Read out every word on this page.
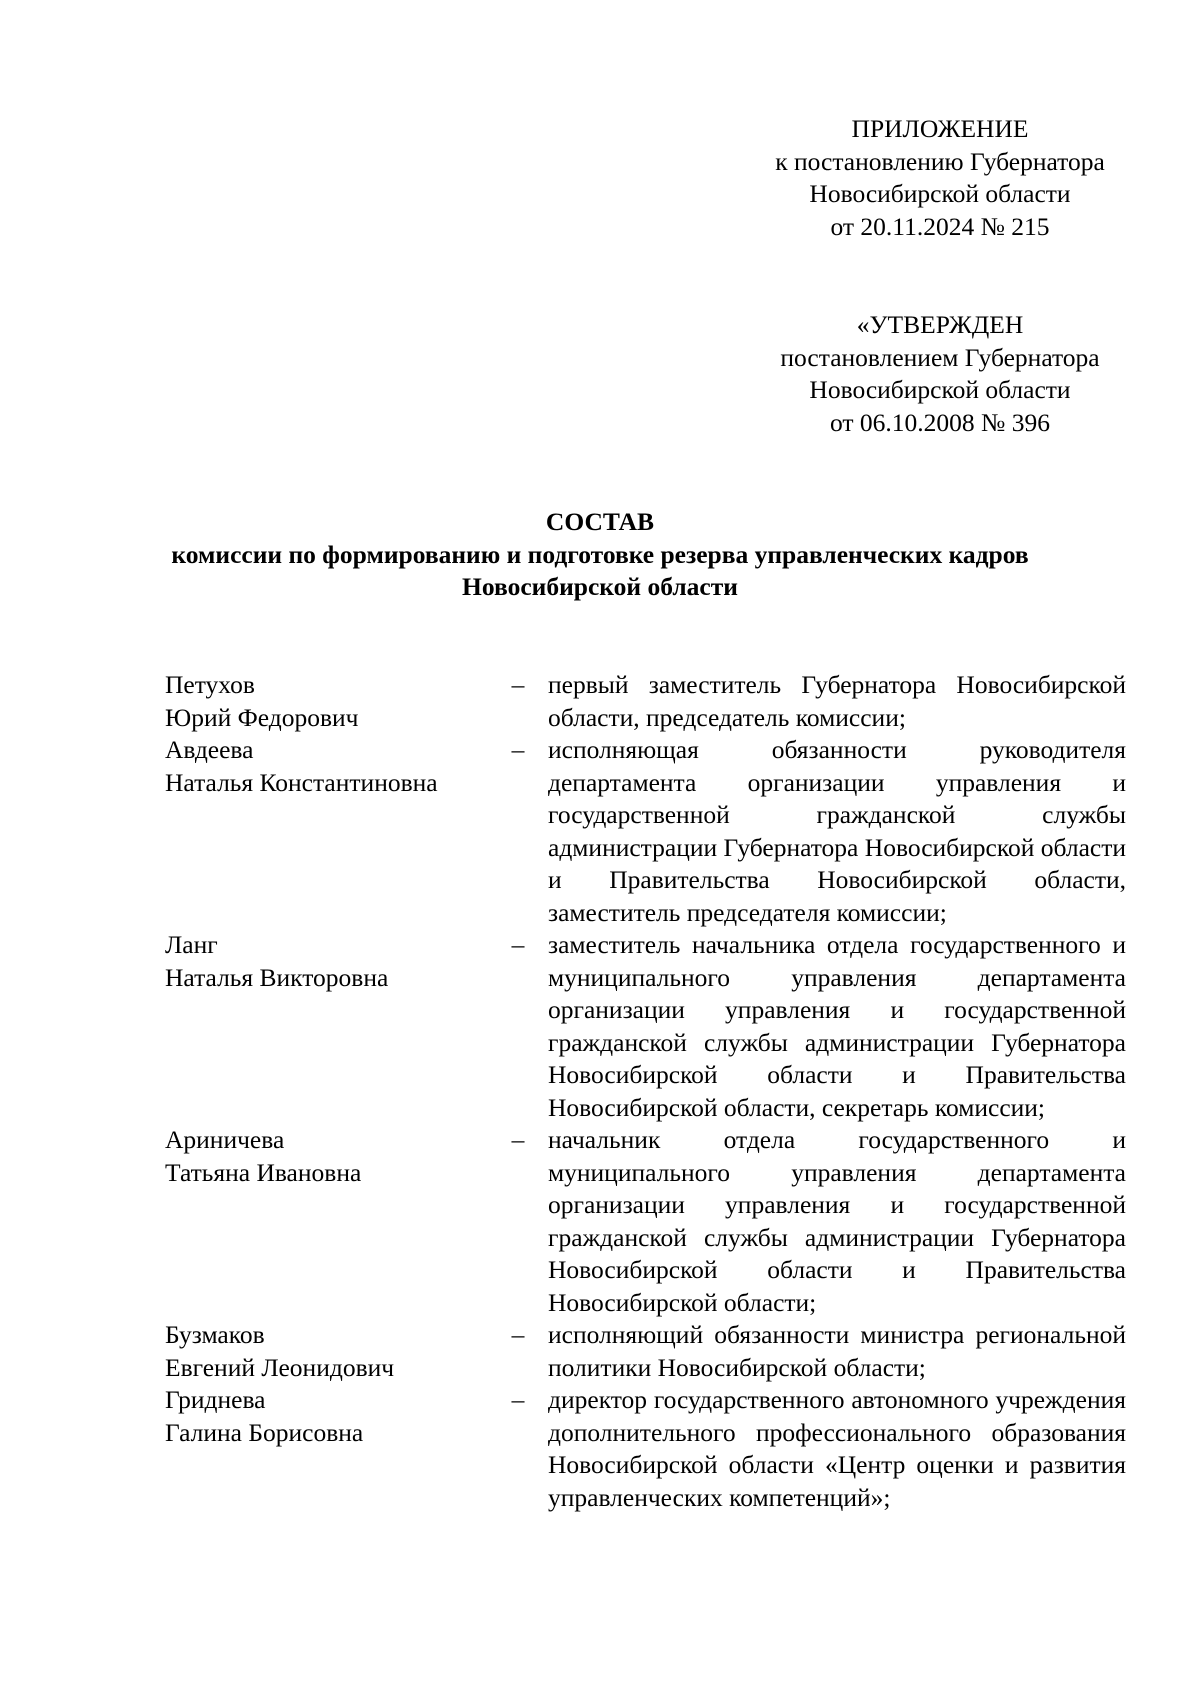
ПРИЛОЖЕНИЕ
к постановлению Губернатора
Новосибирской области
от 20.11.2024 № 215
«УТВЕРЖДЕН
постановлением Губернатора
Новосибирской области
от 06.10.2008 № 396
СОСТАВ
комиссии по формированию и подготовке резерва управленческих кадров
Новосибирской области
Петухов
Юрий Федорович
– первый заместитель Губернатора Новосибирской области, председатель комиссии;
Авдеева
Наталья Константиновна
– исполняющая обязанности руководителя департамента организации управления и государственной гражданской службы администрации Губернатора Новосибирской области и Правительства Новосибирской области, заместитель председателя комиссии;
Ланг
Наталья Викторовна
– заместитель начальника отдела государственного и муниципального управления департамента организации управления и государственной гражданской службы администрации Губернатора Новосибирской области и Правительства Новосибирской области, секретарь комиссии;
Ариничева
Татьяна Ивановна
– начальник отдела государственного и муниципального управления департамента организации управления и государственной гражданской службы администрации Губернатора Новосибирской области и Правительства Новосибирской области;
Бузмаков
Евгений Леонидович
– исполняющий обязанности министра региональной политики Новосибирской области;
Гриднева
Галина Борисовна
– директор государственного автономного учреждения дополнительного профессионального образования Новосибирской области «Центр оценки и развития управленческих компетенций»;
